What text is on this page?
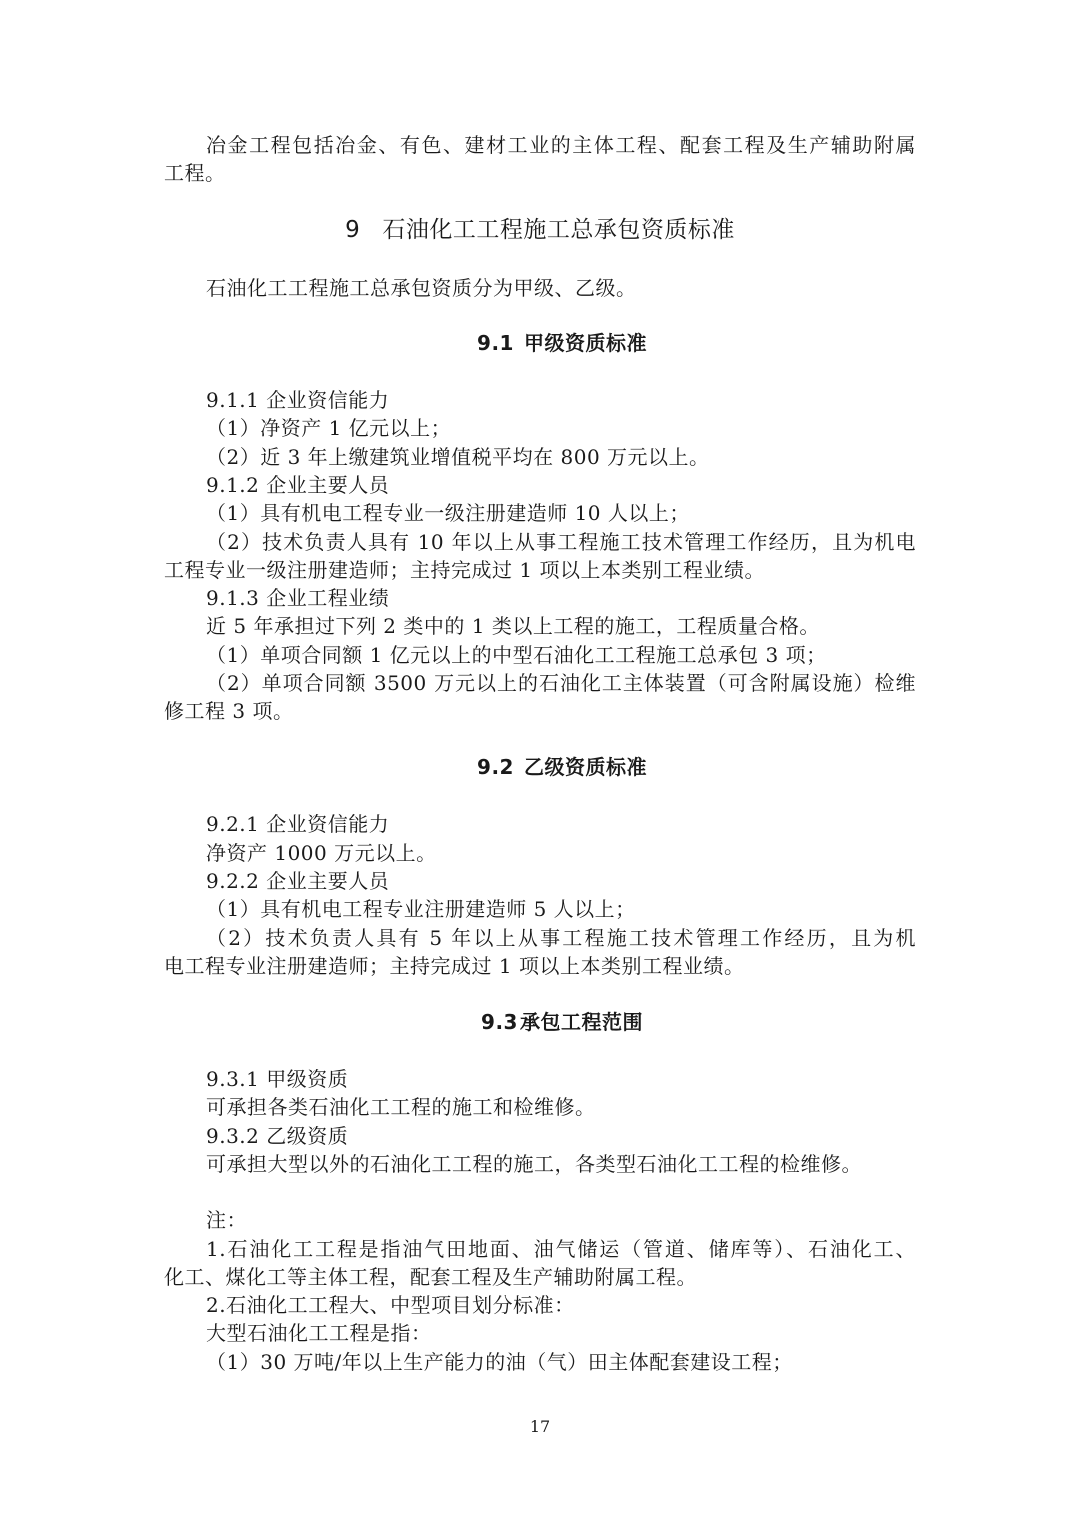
冶金工程包括冶金、有色、建材工业的主体工程、配套工程及生产辅助附属
工程。
9 石油化工工程施工总承包资质标准
石油化工工程施工总承包资质分为甲级、乙级。
9.1 甲级资质标准
9.1.1 企业资信能力
（1）净资产 1 亿元以上；
（2）近 3 年上缴建筑业增值税平均在 800 万元以上。
9.1.2 企业主要人员
（1）具有机电工程专业一级注册建造师 10 人以上；
（2）技术负责人具有 10 年以上从事工程施工技术管理工作经历，且为机电
工程专业一级注册建造师；主持完成过 1 项以上本类别工程业绩。
9.1.3 企业工程业绩
近 5 年承担过下列 2 类中的 1 类以上工程的施工，工程质量合格。
（1）单项合同额 1 亿元以上的中型石油化工工程施工总承包 3 项；
（2）单项合同额 3500 万元以上的石油化工主体装置（可含附属设施）检维
修工程 3 项。
9.2 乙级资质标准
9.2.1 企业资信能力
净资产 1000 万元以上。
9.2.2 企业主要人员
（1）具有机电工程专业注册建造师 5 人以上；
（2）技术负责人具有 5 年以上从事工程施工技术管理工作经历，且为机
电工程专业注册建造师；主持完成过 1 项以上本类别工程业绩。
9.3 承包工程范围
9.3.1 甲级资质
可承担各类石油化工工程的施工和检维修。
9.3.2 乙级资质
可承担大型以外的石油化工工程的施工，各类型石油化工工程的检维修。
注：
1.石油化工工程是指油气田地面、油气储运（管道、储库等）、石油化工、
化工、煤化工等主体工程，配套工程及生产辅助附属工程。
2.石油化工工程大、中型项目划分标准：
大型石油化工工程是指：
（1）30 万吨/年以上生产能力的油（气）田主体配套建设工程；
17
